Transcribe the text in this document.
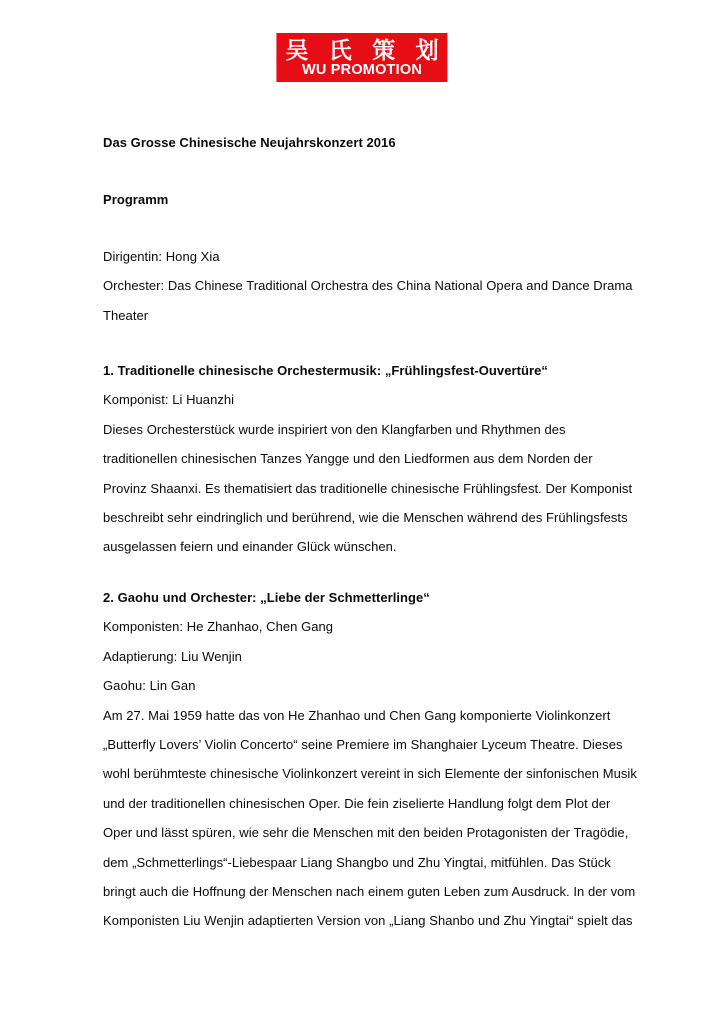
吴 氏 策 划
WU PROMOTION
Das Grosse Chinesische Neujahrskonzert 2016
Programm
Dirigentin: Hong Xia
Orchester: Das Chinese Traditional Orchestra des China National Opera and Dance Drama
Theater
1. Traditionelle chinesische Orchestermusik: „Frühlingsfest-Ouvertüre“
Komponist: Li Huanzhi
Dieses Orchesterstück wurde inspiriert von den Klangfarben und Rhythmen des
traditionellen chinesischen Tanzes Yangge und den Liedformen aus dem Norden der
Provinz Shaanxi. Es thematisiert das traditionelle chinesische Frühlingsfest. Der Komponist
beschreibt sehr eindringlich und berührend, wie die Menschen während des Frühlingsfests
ausgelassen feiern und einander Glück wünschen.
2. Gaohu und Orchester: „Liebe der Schmetterlinge“
Komponisten: He Zhanhao, Chen Gang
Adaptierung: Liu Wenjin
Gaohu: Lin Gan
Am 27. Mai 1959 hatte das von He Zhanhao und Chen Gang komponierte Violinkonzert
„Butterfly Lovers’ Violin Concerto“ seine Premiere im Shanghaier Lyceum Theatre. Dieses
wohl berühmteste chinesische Violinkonzert vereint in sich Elemente der sinfonischen Musik
und der traditionellen chinesischen Oper. Die fein ziselierte Handlung folgt dem Plot der
Oper und lässt spüren, wie sehr die Menschen mit den beiden Protagonisten der Tragödie,
dem „Schmetterlings“-Liebespaar Liang Shangbo und Zhu Yingtai, mitfühlen. Das Stück
bringt auch die Hoffnung der Menschen nach einem guten Leben zum Ausdruck. In der vom
Komponisten Liu Wenjin adaptierten Version von „Liang Shanbo und Zhu Yingtai“ spielt das
